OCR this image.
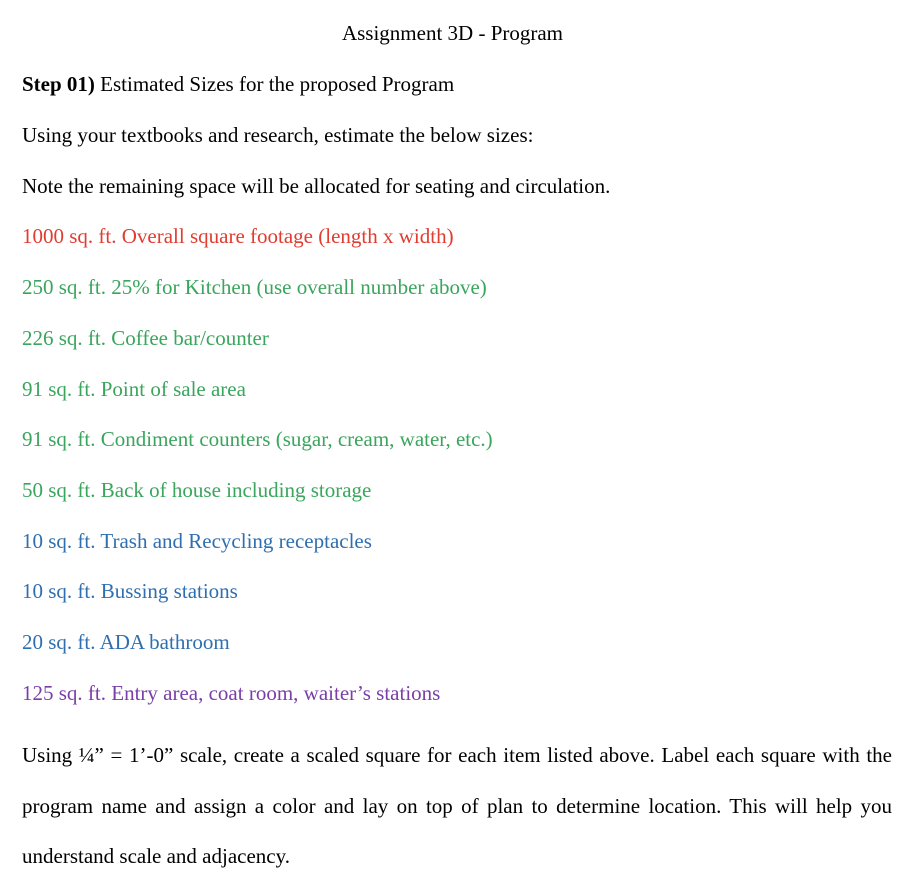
Assignment 3D - Program
Step 01) Estimated Sizes for the proposed Program
Using your textbooks and research, estimate the below sizes:
Note the remaining space will be allocated for seating and circulation.
1000 sq. ft. Overall square footage (length x width)
250 sq. ft. 25% for Kitchen (use overall number above)
226 sq. ft. Coffee bar/counter
91 sq. ft. Point of sale area
91 sq. ft. Condiment counters (sugar, cream, water, etc.)
50 sq. ft. Back of house including storage
10 sq. ft. Trash and Recycling receptacles
10 sq. ft. Bussing stations
20 sq. ft. ADA bathroom
125 sq. ft. Entry area, coat room, waiter’s stations
Using ¼” = 1’-0” scale, create a scaled square for each item listed above. Label each square with the program name and assign a color and lay on top of plan to determine location. This will help you understand scale and adjacency.
